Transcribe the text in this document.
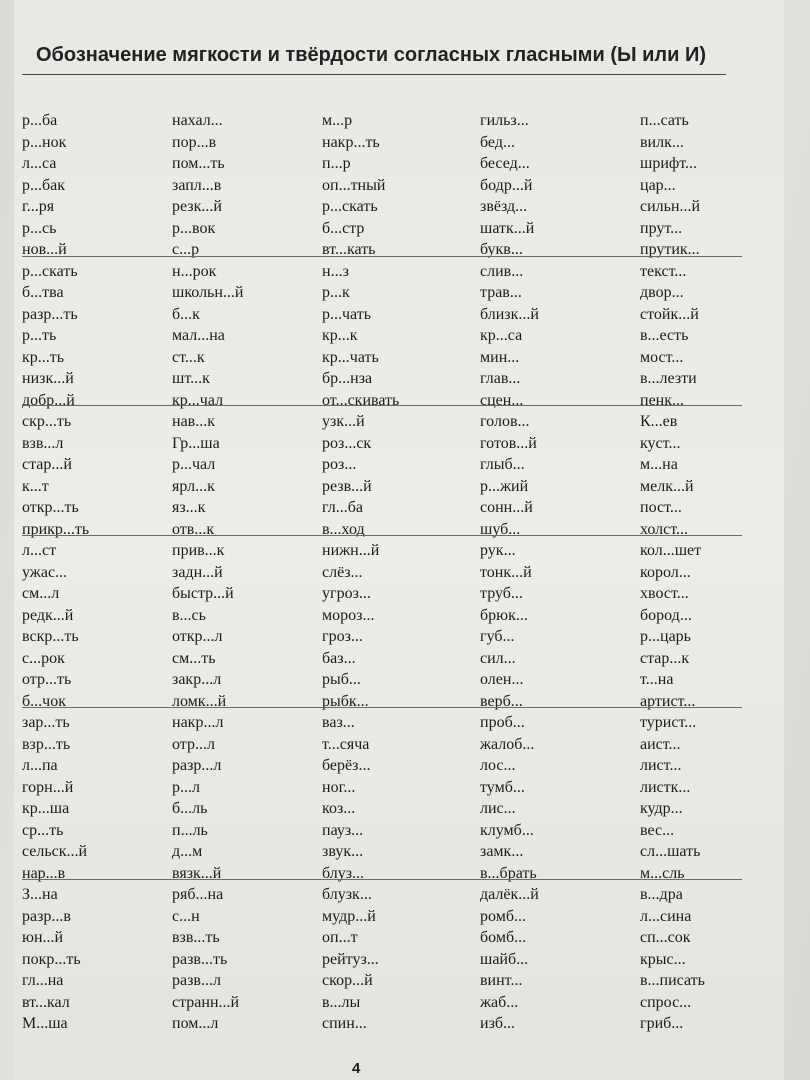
Обозначение мягкости и твёрдости согласных гласными (Ы или И)
р...ба
р...нок
л...са
р...бак
г...ря
р...сь
нов...й
р...скать
б...тва
разр...ть
р...ть
кр...ть
низк...й
добр...й
скр...ть
взв...л
стар...й
к...т
откр...ть
прикр...ть
л...ст
ужас...
см...л
редк...й
вскр...ть
с...рок
отр...ть
б...чок
зар...ть
взр...ть
л...па
горн...й
кр...ша
ср...ть
сельск...й
нар...в
З...на
разр...в
юн...й
покр...ть
гл...на
вт...кал
М...ша
нахал...
пор...в
пом...ть
запл...в
резк...й
р...вок
с...р
н...рок
школьн...й
б...к
мал...на
ст...к
шт...к
кр...чал
нав...к
Гр...ша
р...чал
ярл...к
яз...к
отв...к
прив...к
задн...й
быстр...й
в...сь
откр...л
см...ть
закр...л
ломк...й
накр...л
отр...л
разр...л
р...л
б...ль
п...ль
д...м
вязк...й
ряб...на
с...н
взв...ть
разв...ть
разв...л
странн...й
пом...л
м...р
накр...ть
п...р
оп...тный
р...скать
б...стр
вт...кать
н...з
р...к
р...чать
кр...к
кр...чать
бр...нза
от...скивать
узк...й
роз...ск
роз...
резв...й
гл...ба
в...ход
нижн...й
слёз...
угроз...
мороз...
гроз...
баз...
рыб...
рыбк...
ваз...
т...сяча
берёз...
ног...
коз...
пауз...
звук...
блуз...
блузк...
мудр...й
оп...т
рейтуз...
скор...й
в...лы
спин...
гильз...
бед...
бесед...
бодр...й
звёзд...
шатк...й
букв...
слив...
трав...
близк...й
кр...са
мин...
глав...
сцен...
голов...
готов...й
глыб...
р...жий
сонн...й
шуб...
рук...
тонк...й
труб...
брюк...
губ...
сил...
олен...
верб...
проб...
жалоб...
лос...
тумб...
лис...
клумб...
замк...
в...брать
далёк...й
ромб...
бомб...
шайб...
винт...
жаб...
изб...
п...сать
вилк...
шрифт...
цар...
сильн...й
прут...
прутик...
текст...
двор...
стойк...й
в...есть
мост...
в...лезти
пенк...
К...ев
куст...
м...на
мелк...й
пост...
холст...
кол...шет
корол...
хвост...
бород...
р...царь
стар...к
т...на
артист...
турист...
аист...
лист...
листк...
кудр...
вес...
сл...шать
м...сль
в...дра
л...сина
сп...сок
крыс...
в...писать
спрос...
гриб...
4
